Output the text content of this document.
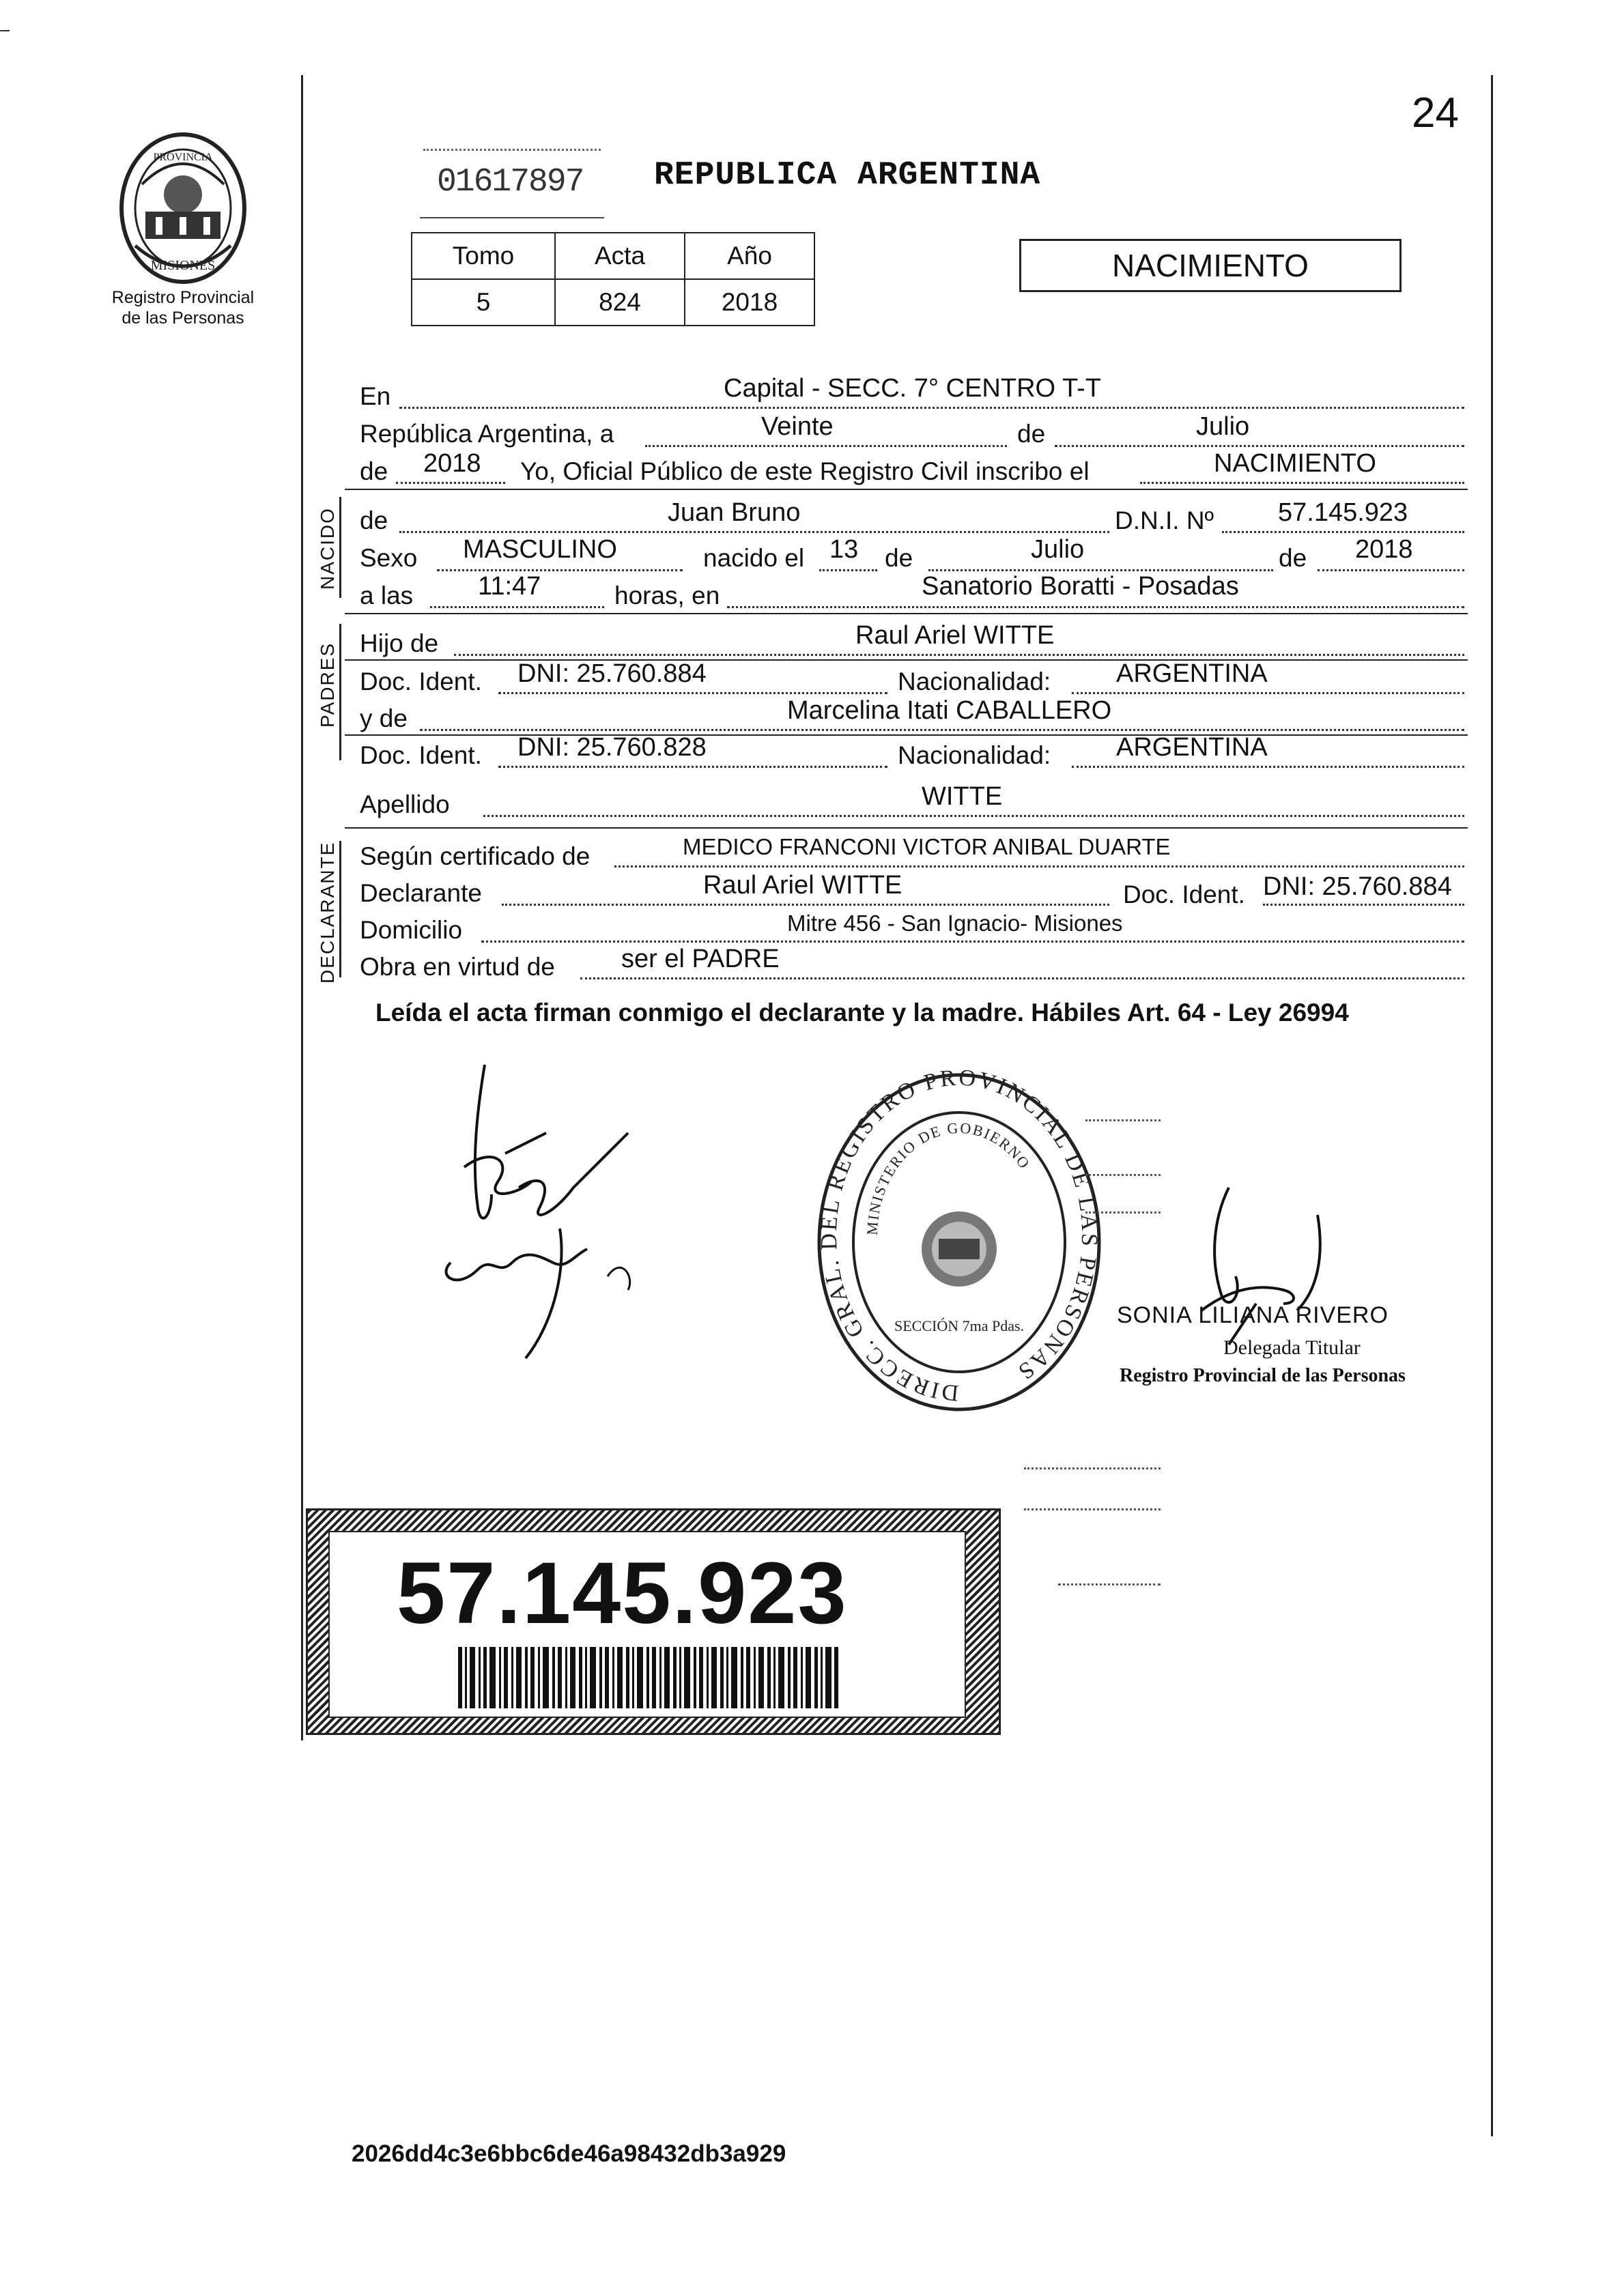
24
PROVINCIA
MISIONES
Registro Provincial
de las Personas
01617897 REPUBLICA ARGENTINA
Tomo	Acta	Año
5	824	2018
NACIMIENTO
En	Capital - SECC. 7° CENTRO T-T
República Argentina, a	Veinte	de	Julio
de 2018 Yo, Oficial Público de este Registro Civil inscribo el	NACIMIENTO
NACIDO de	Juan Bruno	D.N.I. Nº 57.145.923
Sexo MASCULINO	nacido el 13 de	Julio	de 2018
a las 11:47	horas, en	Sanatorio Boratti - Posadas
PADRES Hijo de	Raul Ariel WITTE
Doc. Ident. DNI: 25.760.884	Nacionalidad:	ARGENTINA
y de	Marcelina Itati CABALLERO
Doc. Ident. DNI: 25.760.828	Nacionalidad:	ARGENTINA
Apellido	WITTE
DECLARANTE Según certificado de	MEDICO FRANCONI VICTOR ANIBAL DUARTE
Declarante	Raul Ariel WITTE	Doc. Ident. DNI: 25.760.884
Domicilio	Mitre 456 - San Ignacio- Misiones
Obra en virtud de	ser el PADRE
Leída el acta firman conmigo el declarante y la madre. Hábiles Art. 64 - Ley 26994
DIRECC. GRAL. DEL REGISTRO PROVINCIAL DE LAS PERSONAS
MINISTERIO DE GOBIERNO
SECCIÓN 7ma Pdas.	SONIA LILIANA RIVERO
Delegada Titular
Registro Provincial de las Personas
57.145.923
2026dd4c3e6bbc6de46a98432db3a929
